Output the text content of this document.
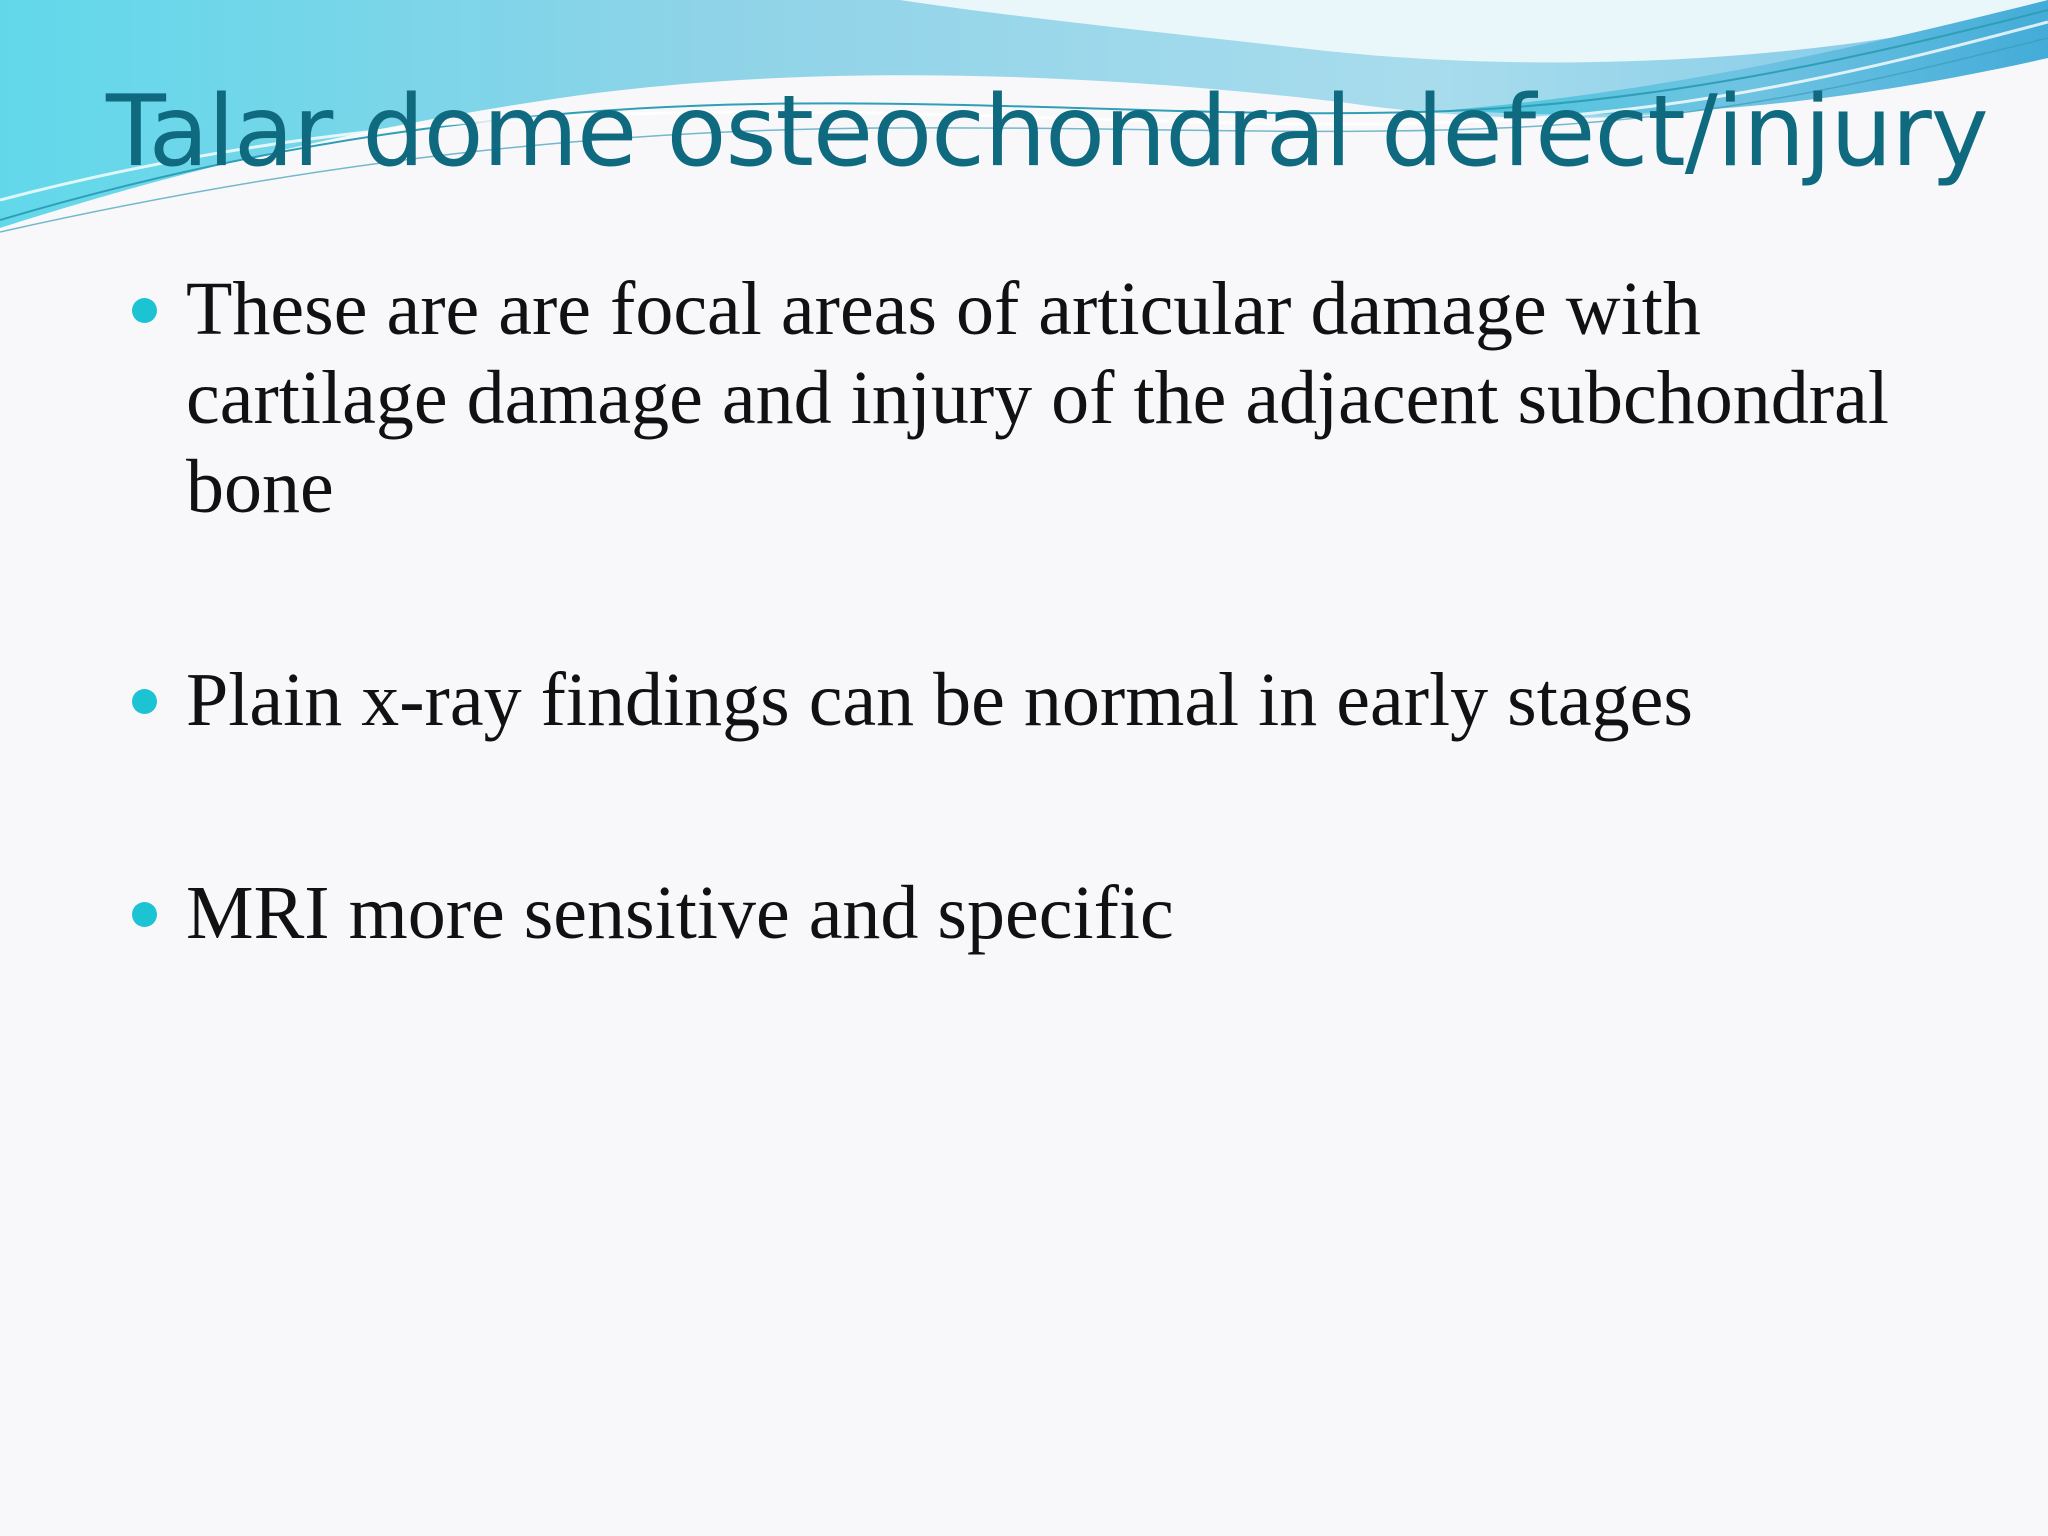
Talar dome osteochondral defect/injury
These are are focal areas of articular damage with cartilage damage and injury of the adjacent subchondral bone
Plain x-ray findings can be normal in early stages
MRI more sensitive and specific
